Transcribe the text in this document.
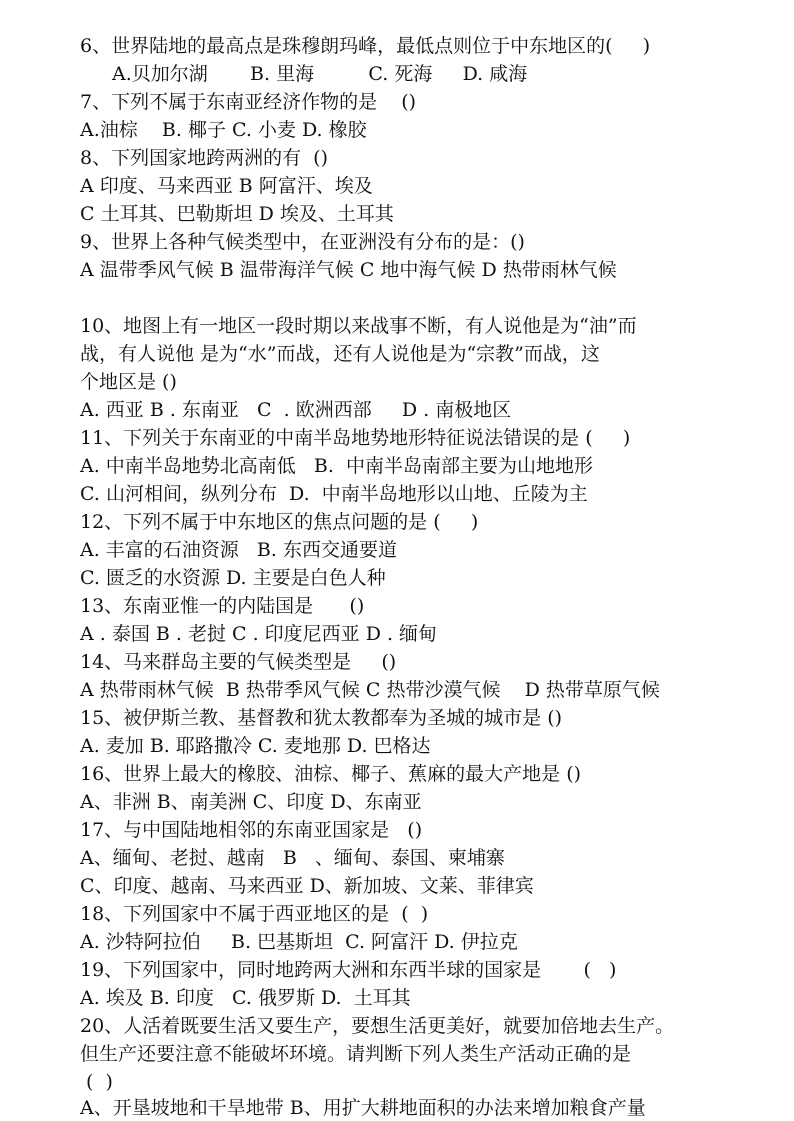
6、世界陆地的最高点是珠穆朗玛峰，最低点则位于中东地区的(     )
A.贝加尔湖       B. 里海         C. 死海     D. 咸海
7、下列不属于东南亚经济作物的是    ()
A.油棕    B. 椰子 C. 小麦 D. 橡胶
8、下列国家地跨两洲的有  ()
A 印度、马来西亚 B 阿富汗、埃及
C 土耳其、巴勒斯坦 D 埃及、土耳其
9、世界上各种气候类型中，在亚洲没有分布的是：()
A 温带季风气候 B 温带海洋气候 C 地中海气候 D 热带雨林气候
10、地图上有一地区一段时期以来战事不断，有人说他是为“油”而
战，有人说他 是为“水”而战，还有人说他是为“宗教”而战，这
个地区是 ()
A. 西亚 B . 东南亚   C  . 欧洲西部     D . 南极地区
11、下列关于东南亚的中南半岛地势地形特征说法错误的是 (     )
A. 中南半岛地势北高南低   B.  中南半岛南部主要为山地地形
C. 山河相间，纵列分布  D.  中南半岛地形以山地、丘陵为主
12、下列不属于中东地区的焦点问题的是 (     )
A. 丰富的石油资源   B. 东西交通要道
C. 匮乏的水资源 D. 主要是白色人种
13、东南亚惟一的内陆国是      ()
A . 泰国 B . 老挝 C . 印度尼西亚 D . 缅甸
14、马来群岛主要的气候类型是     ()
A 热带雨林气候  B 热带季风气候 C 热带沙漠气候    D 热带草原气候
15、被伊斯兰教、基督教和犹太教都奉为圣城的城市是 ()
A. 麦加 B. 耶路撒冷 C. 麦地那 D. 巴格达
16、世界上最大的橡胶、油棕、椰子、蕉麻的最大产地是 ()
A、非洲 B、南美洲 C、印度 D、东南亚
17、与中国陆地相邻的东南亚国家是   ()
A、缅甸、老挝、越南   B   、缅甸、泰国、柬埔寨
C、印度、越南、马来西亚 D、新加坡、文莱、菲律宾
18、下列国家中不属于西亚地区的是  (  )
A. 沙特阿拉伯     B. 巴基斯坦  C. 阿富汗 D. 伊拉克
19、下列国家中，同时地跨两大洲和东西半球的国家是       (   )
A. 埃及 B. 印度   C. 俄罗斯 D.  土耳其
20、人活着既要生活又要生产，要想生活更美好，就要加倍地去生产。
但生产还要注意不能破坏环境。请判断下列人类生产活动正确的是
(  )
A、开垦坡地和干旱地带 B、用扩大耕地面积的办法来增加粮食产量
